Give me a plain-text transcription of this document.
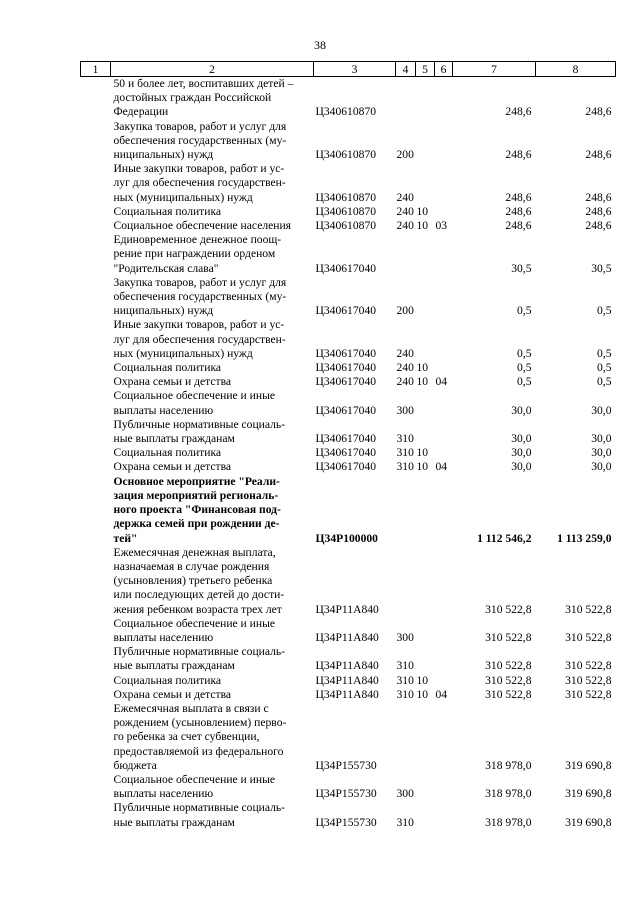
38
1	2	3	4	5	6	7	8
	50 и более лет, воспитавших детей –
достойных граждан Российской
Федерации	Ц340610870				248,6	248,6
	Закупка товаров, работ и услуг для
обеспечения государственных (му-
ниципальных) нужд	Ц340610870	200			248,6	248,6
	Иные закупки товаров, работ и ус-
луг для обеспечения государствен-
ных (муниципальных) нужд	Ц340610870	240			248,6	248,6
	Социальная политика	Ц340610870	240	10		248,6	248,6
	Социальное обеспечение населения	Ц340610870	240	10	03	248,6	248,6
	Единовременное денежное поощ-
рение при награждении орденом
"Родительская слава"	Ц340617040				30,5	30,5
	Закупка товаров, работ и услуг для
обеспечения государственных (му-
ниципальных) нужд	Ц340617040	200			0,5	0,5
	Иные закупки товаров, работ и ус-
луг для обеспечения государствен-
ных (муниципальных) нужд	Ц340617040	240			0,5	0,5
	Социальная политика	Ц340617040	240	10		0,5	0,5
	Охрана семьи и детства	Ц340617040	240	10	04	0,5	0,5
	Социальное обеспечение и иные
выплаты населению	Ц340617040	300			30,0	30,0
	Публичные нормативные социаль-
ные выплаты гражданам	Ц340617040	310			30,0	30,0
	Социальная политика	Ц340617040	310	10		30,0	30,0
	Охрана семьи и детства	Ц340617040	310	10	04	30,0	30,0
	Основное мероприятие "Реали-
зация мероприятий региональ-
ного проекта "Финансовая под-
держка семей при рождении де-
тей"	Ц34Р100000				1 112 546,2	1 113 259,0
	Ежемесячная денежная выплата,
назначаемая в случае рождения
(усыновления) третьего ребенка
или последующих детей до дости-
жения ребенком возраста трех лет	Ц34Р11А840				310 522,8	310 522,8
	Социальное обеспечение и иные
выплаты населению	Ц34Р11А840	300			310 522,8	310 522,8
	Публичные нормативные социаль-
ные выплаты гражданам	Ц34Р11А840	310			310 522,8	310 522,8
	Социальная политика	Ц34Р11А840	310	10		310 522,8	310 522,8
	Охрана семьи и детства	Ц34Р11А840	310	10	04	310 522,8	310 522,8
	Ежемесячная выплата в связи с
рождением (усыновлением) перво-
го ребенка за счет субвенции,
предоставляемой из федерального
бюджета	Ц34Р155730				318 978,0	319 690,8
	Социальное обеспечение и иные
выплаты населению	Ц34Р155730	300			318 978,0	319 690,8
	Публичные нормативные социаль-
ные выплаты гражданам	Ц34Р155730	310			318 978,0	319 690,8
